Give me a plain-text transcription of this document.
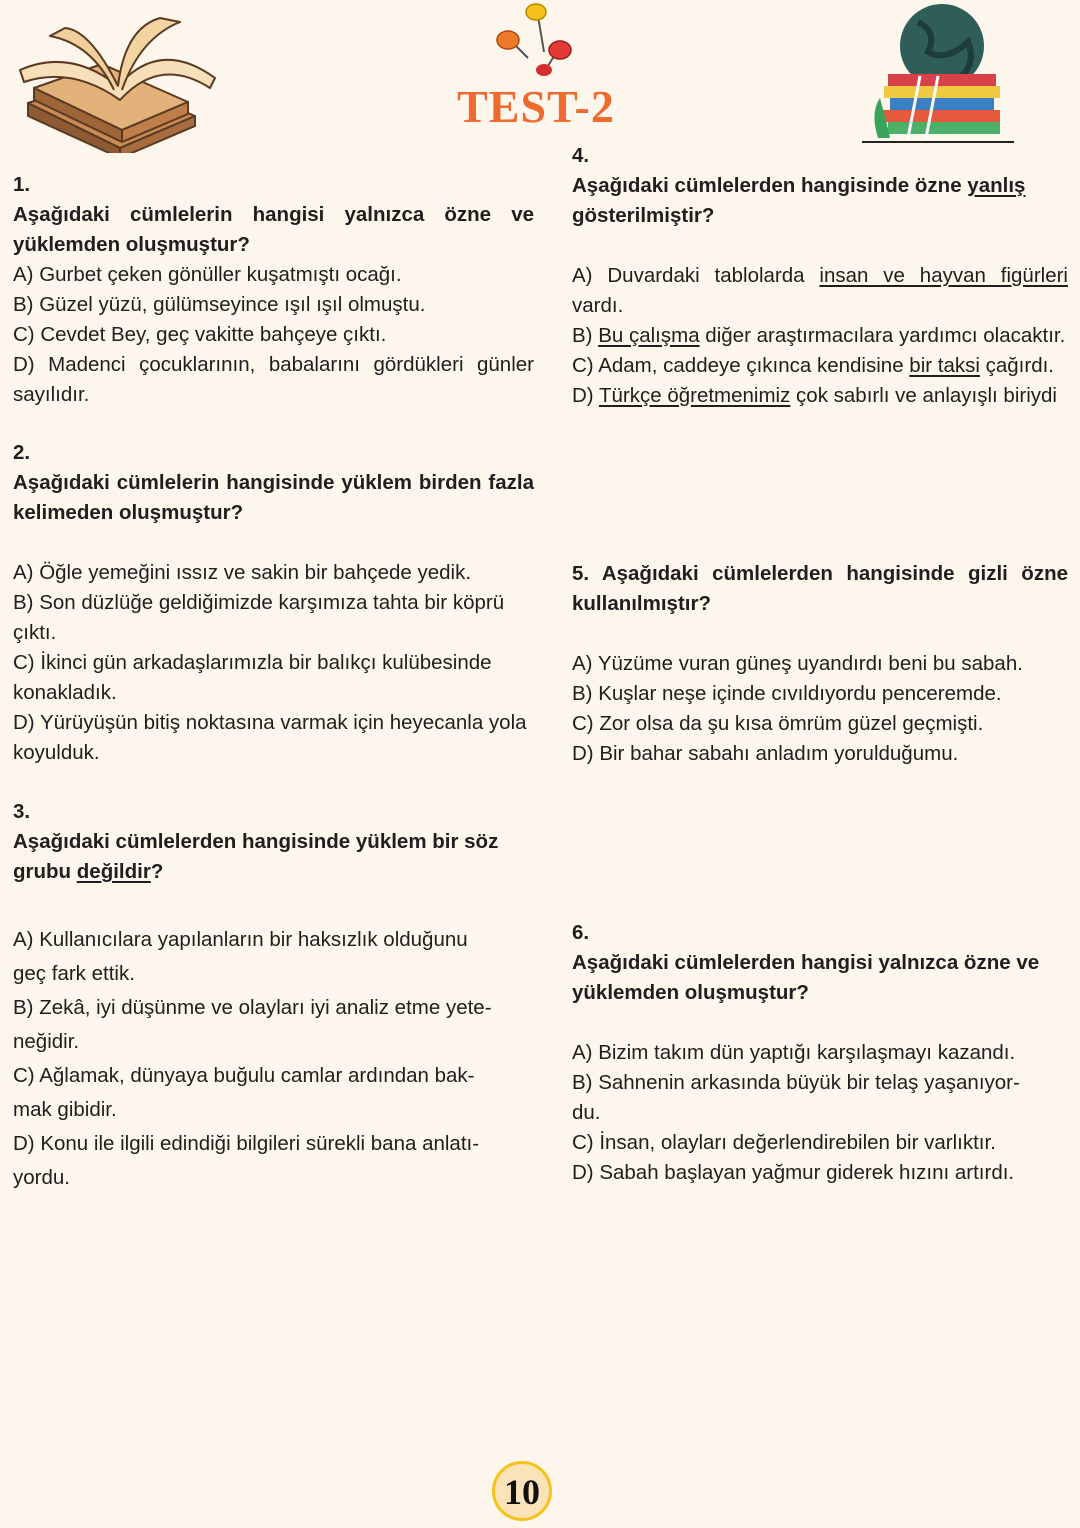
TEST-2

1.

Aşağıdaki cümlelerin hangisi yalnızca özne ve yüklemden oluşmuştur?

A) Gurbet çeken gönüller kuşatmıştı ocağı.

B) Güzel yüzü, gülümseyince ışıl ışıl olmuştu.

C) Cevdet Bey, geç vakitte bahçeye çıktı.

D) Madenci çocuklarının, babalarını gördükleri günler sayılıdır.

2.

Aşağıdaki cümlelerin hangisinde yüklem birden fazla kelimeden oluşmuştur?

A) Öğle yemeğini ıssız ve sakin bir bahçede yedik.

B) Son düzlüğe geldiğimizde karşımıza tahta bir köprü çıktı.

C) İkinci gün arkadaşlarımızla bir balıkçı kulübesinde konakladık.

D) Yürüyüşün bitiş noktasına varmak için heyecanla yola koyulduk.

3.

Aşağıdaki cümlelerden hangisinde yüklem bir söz

grubu değildir?

A) Kullanıcılara yapılanların bir haksızlık olduğunu

geç fark ettik.

B) Zekâ, iyi düşünme ve olayları iyi analiz etme yete-

neğidir.

C) Ağlamak, dünyaya buğulu camlar ardından bak-

mak gibidir.

D) Konu ile ilgili edindiği bilgileri sürekli bana anlatı-

yordu.

4.

Aşağıdaki cümlelerden hangisinde özne yanlış gösterilmiştir?

A) Duvardaki tablolarda insan ve hayvan figürleri vardı.

B) Bu çalışma diğer araştırmacılara yardımcı olacaktır.

C) Adam, caddeye çıkınca kendisine bir taksi çağırdı.

D) Türkçe öğretmenimiz çok sabırlı ve anlayışlı biriydi

5. Aşağıdaki cümlelerden hangisinde gizli özne kullanılmıştır?

A) Yüzüme vuran güneş uyandırdı beni bu sabah.

B) Kuşlar neşe içinde cıvıldıyordu penceremde.

C) Zor olsa da şu kısa ömrüm güzel geçmişti.

D) Bir bahar sabahı anladım yorulduğumu.

6.

Aşağıdaki cümlelerden hangisi yalnızca özne ve yüklemden oluşmuştur?

A) Bizim takım dün yaptığı karşılaşmayı kazandı.

B) Sahnenin arkasında büyük bir telaş yaşanıyor-

du.

C) İnsan, olayları değerlendirebilen bir varlıktır.

D) Sabah başlayan yağmur giderek hızını artırdı.

10
